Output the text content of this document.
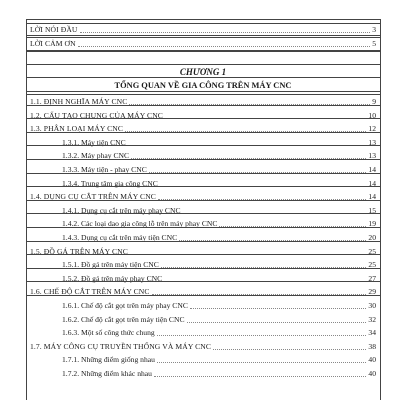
LỜI NÓI ĐẦU	3
LỜI CẢM ƠN	5
CHƯƠNG 1
TỔNG QUAN VỀ GIA CÔNG TRÊN MÁY CNC
1.1. ĐỊNH NGHĨA MÁY CNC	9
1.2. CẤU TẠO CHUNG CỦA MÁY CNC	10
1.3. PHÂN LOẠI MÁY CNC	12
1.3.1. Máy tiện CNC	13
1.3.2. Máy phay CNC	13
1.3.3. Máy tiện - phay CNC	14
1.3.4. Trung tâm gia công CNC	14
1.4. DỤNG CỤ CẮT TRÊN MÁY CNC	14
1.4.1. Dụng cụ cắt trên máy phay CNC	15
1.4.2. Các loại dao gia công lỗ trên máy phay CNC	19
1.4.3. Dụng cụ cắt trên máy tiện CNC	20
1.5. ĐỒ GÁ TRÊN MÁY CNC	25
1.5.1. Đồ gá trên máy tiện CNC	25
1.5.2. Đồ gá trên máy phay CNC	27
1.6. CHẾ ĐỘ CẮT TRÊN MÁY CNC	29
1.6.1. Chế độ cắt gọt trên máy phay CNC	30
1.6.2. Chế độ cắt gọt trên máy tiện CNC	32
1.6.3. Một số công thức chung	34
1.7. MÁY CÔNG CỤ TRUYỀN THỐNG VÀ MÁY CNC	38
1.7.1. Những điểm giống nhau	40
1.7.2. Những điểm khác nhau	40
